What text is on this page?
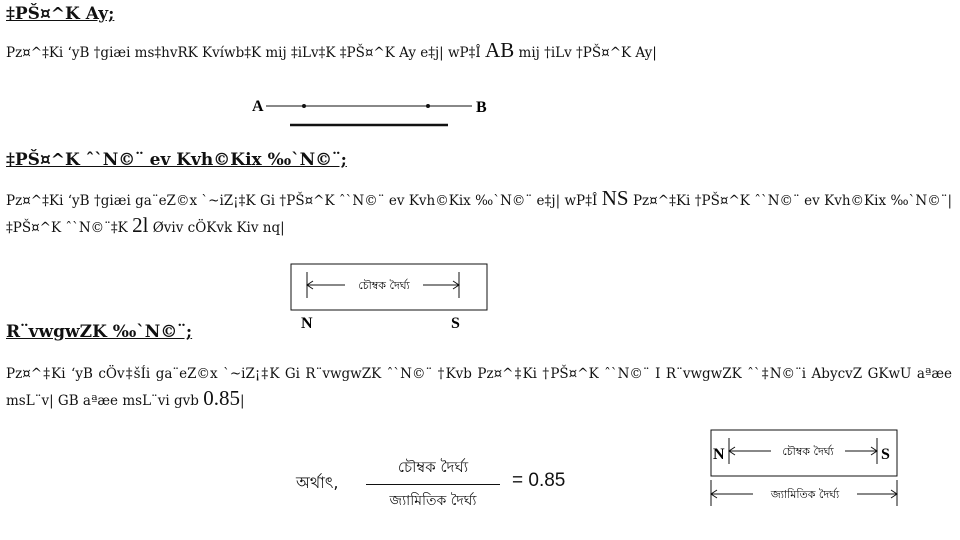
‡PŠ¤^K Ay;
Pz¤^‡Ki ‘yB †giæi ms‡hvRK Kvíwb‡K mij ‡iLv‡K ‡PŠ¤^K Ay e‡j| wP‡Î AB mij †iLv †PŠ¤^K Ay|
A	B
‡PŠ¤^K ˆ`N©¨ ev Kvh©Kix ‰`N©¨;
Pz¤^‡Ki ‘yB †giæi ga¨eZ©x `~iZ¡‡K Gi †PŠ¤^K ˆ`N©¨ ev Kvh©Kix ‰`N©¨ e‡j| wP‡Î NS Pz¤^‡Ki †PŠ¤^K ˆ`N©¨ ev Kvh©Kix ‰`N©¨| ‡PŠ¤^K ˆ`N©¨‡K 2l Øviv cÖKvk Kiv nq|
চৌম্বক দৈর্ঘ্য
N	S
R¨vwgwZK ‰`N©¨;
Pz¤^‡Ki ‘yB cÖv‡šÍi ga¨eZ©x `~iZ¡‡K Gi R¨vwgwZK ˆ`N©¨ †Kvb Pz¤^‡Ki †PŠ¤^K ˆ`N©¨ I R¨vwgwZK ˆ`‡N©¨i AbycvZ GKwU aªæe msL¨v| GB aªæe msL¨vi gvb 0.85|
অর্থাৎ,
চৌম্বক দৈর্ঘ্য
জ্যামিতিক দৈর্ঘ্য
= 0.85
N	S
চৌম্বক দৈর্ঘ্য
জ্যামিতিক দৈর্ঘ্য
